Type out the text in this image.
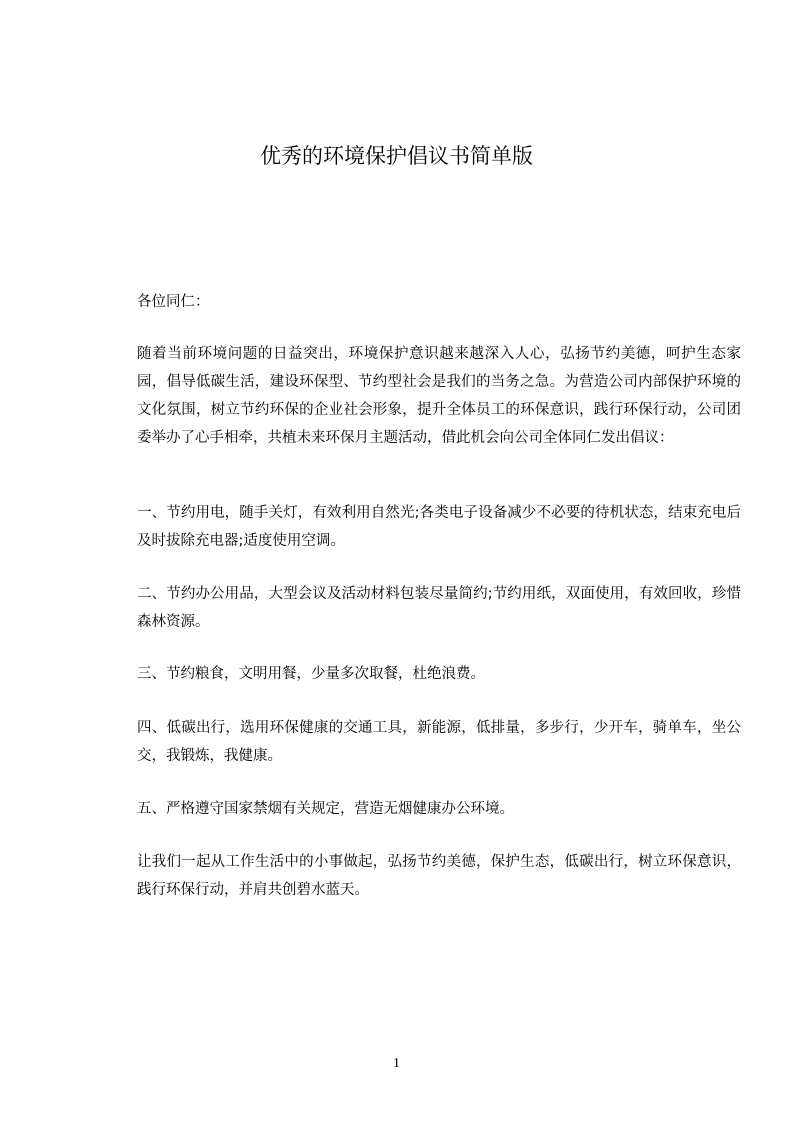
优秀的环境保护倡议书简单版

各位同仁：

随着当前环境问题的日益突出，环境保护意识越来越深入人心，弘扬节约美德，呵护生态家园，倡导低碳生活，建设环保型、节约型社会是我们的当务之急。为营造公司内部保护环境的文化氛围，树立节约环保的企业社会形象，提升全体员工的环保意识，践行环保行动，公司团委举办了心手相牵，共植未来环保月主题活动，借此机会向公司全体同仁发出倡议：

一、节约用电，随手关灯，有效利用自然光;各类电子设备减少不必要的待机状态，结束充电后及时拔除充电器;适度使用空调。

二、节约办公用品，大型会议及活动材料包装尽量简约;节约用纸，双面使用，有效回收，珍惜森林资源。

三、节约粮食，文明用餐，少量多次取餐，杜绝浪费。

四、低碳出行，选用环保健康的交通工具，新能源，低排量，多步行，少开车，骑单车，坐公交，我锻炼，我健康。

五、严格遵守国家禁烟有关规定，营造无烟健康办公环境。

让我们一起从工作生活中的小事做起，弘扬节约美德，保护生态，低碳出行，树立环保意识，践行环保行动，并肩共创碧水蓝天。

1
